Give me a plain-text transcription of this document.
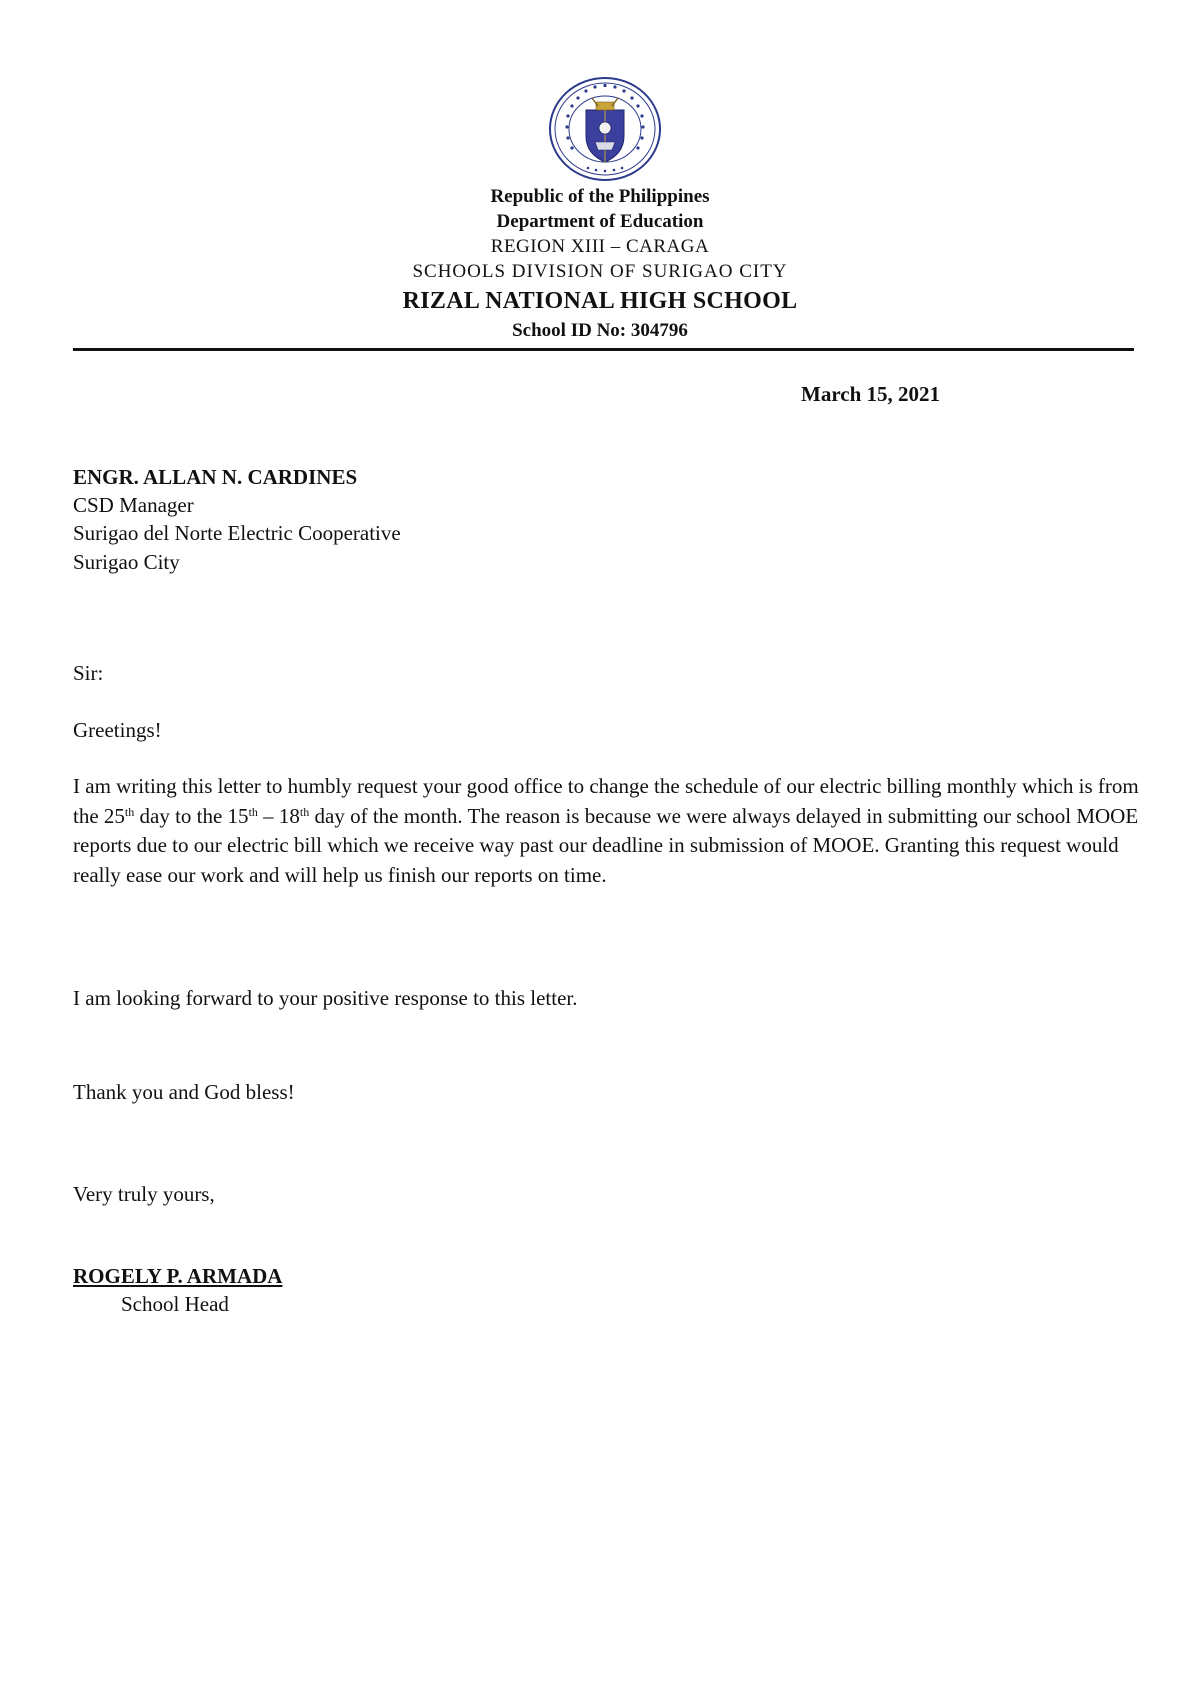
Republic of the Philippines
Department of Education
REGION XIII – CARAGA
SCHOOLS DIVISION OF SURIGAO CITY
RIZAL NATIONAL HIGH SCHOOL
School ID No: 304796
March 15, 2021
ENGR. ALLAN N. CARDINES
CSD Manager
Surigao del Norte Electric Cooperative
Surigao City
Sir:
Greetings!
I am writing this letter to humbly request your good office to change the schedule of our electric billing monthly which is from the 25th day to the 15th – 18th day of the month. The reason is because we were always delayed in submitting our school MOOE reports due to our electric bill which we receive way past our deadline in submission of MOOE. Granting this request would really ease our work and will help us finish our reports on time.
I am looking forward to your positive response to this letter.
Thank you and God bless!
Very truly yours,
ROGELY P. ARMADA
School Head
